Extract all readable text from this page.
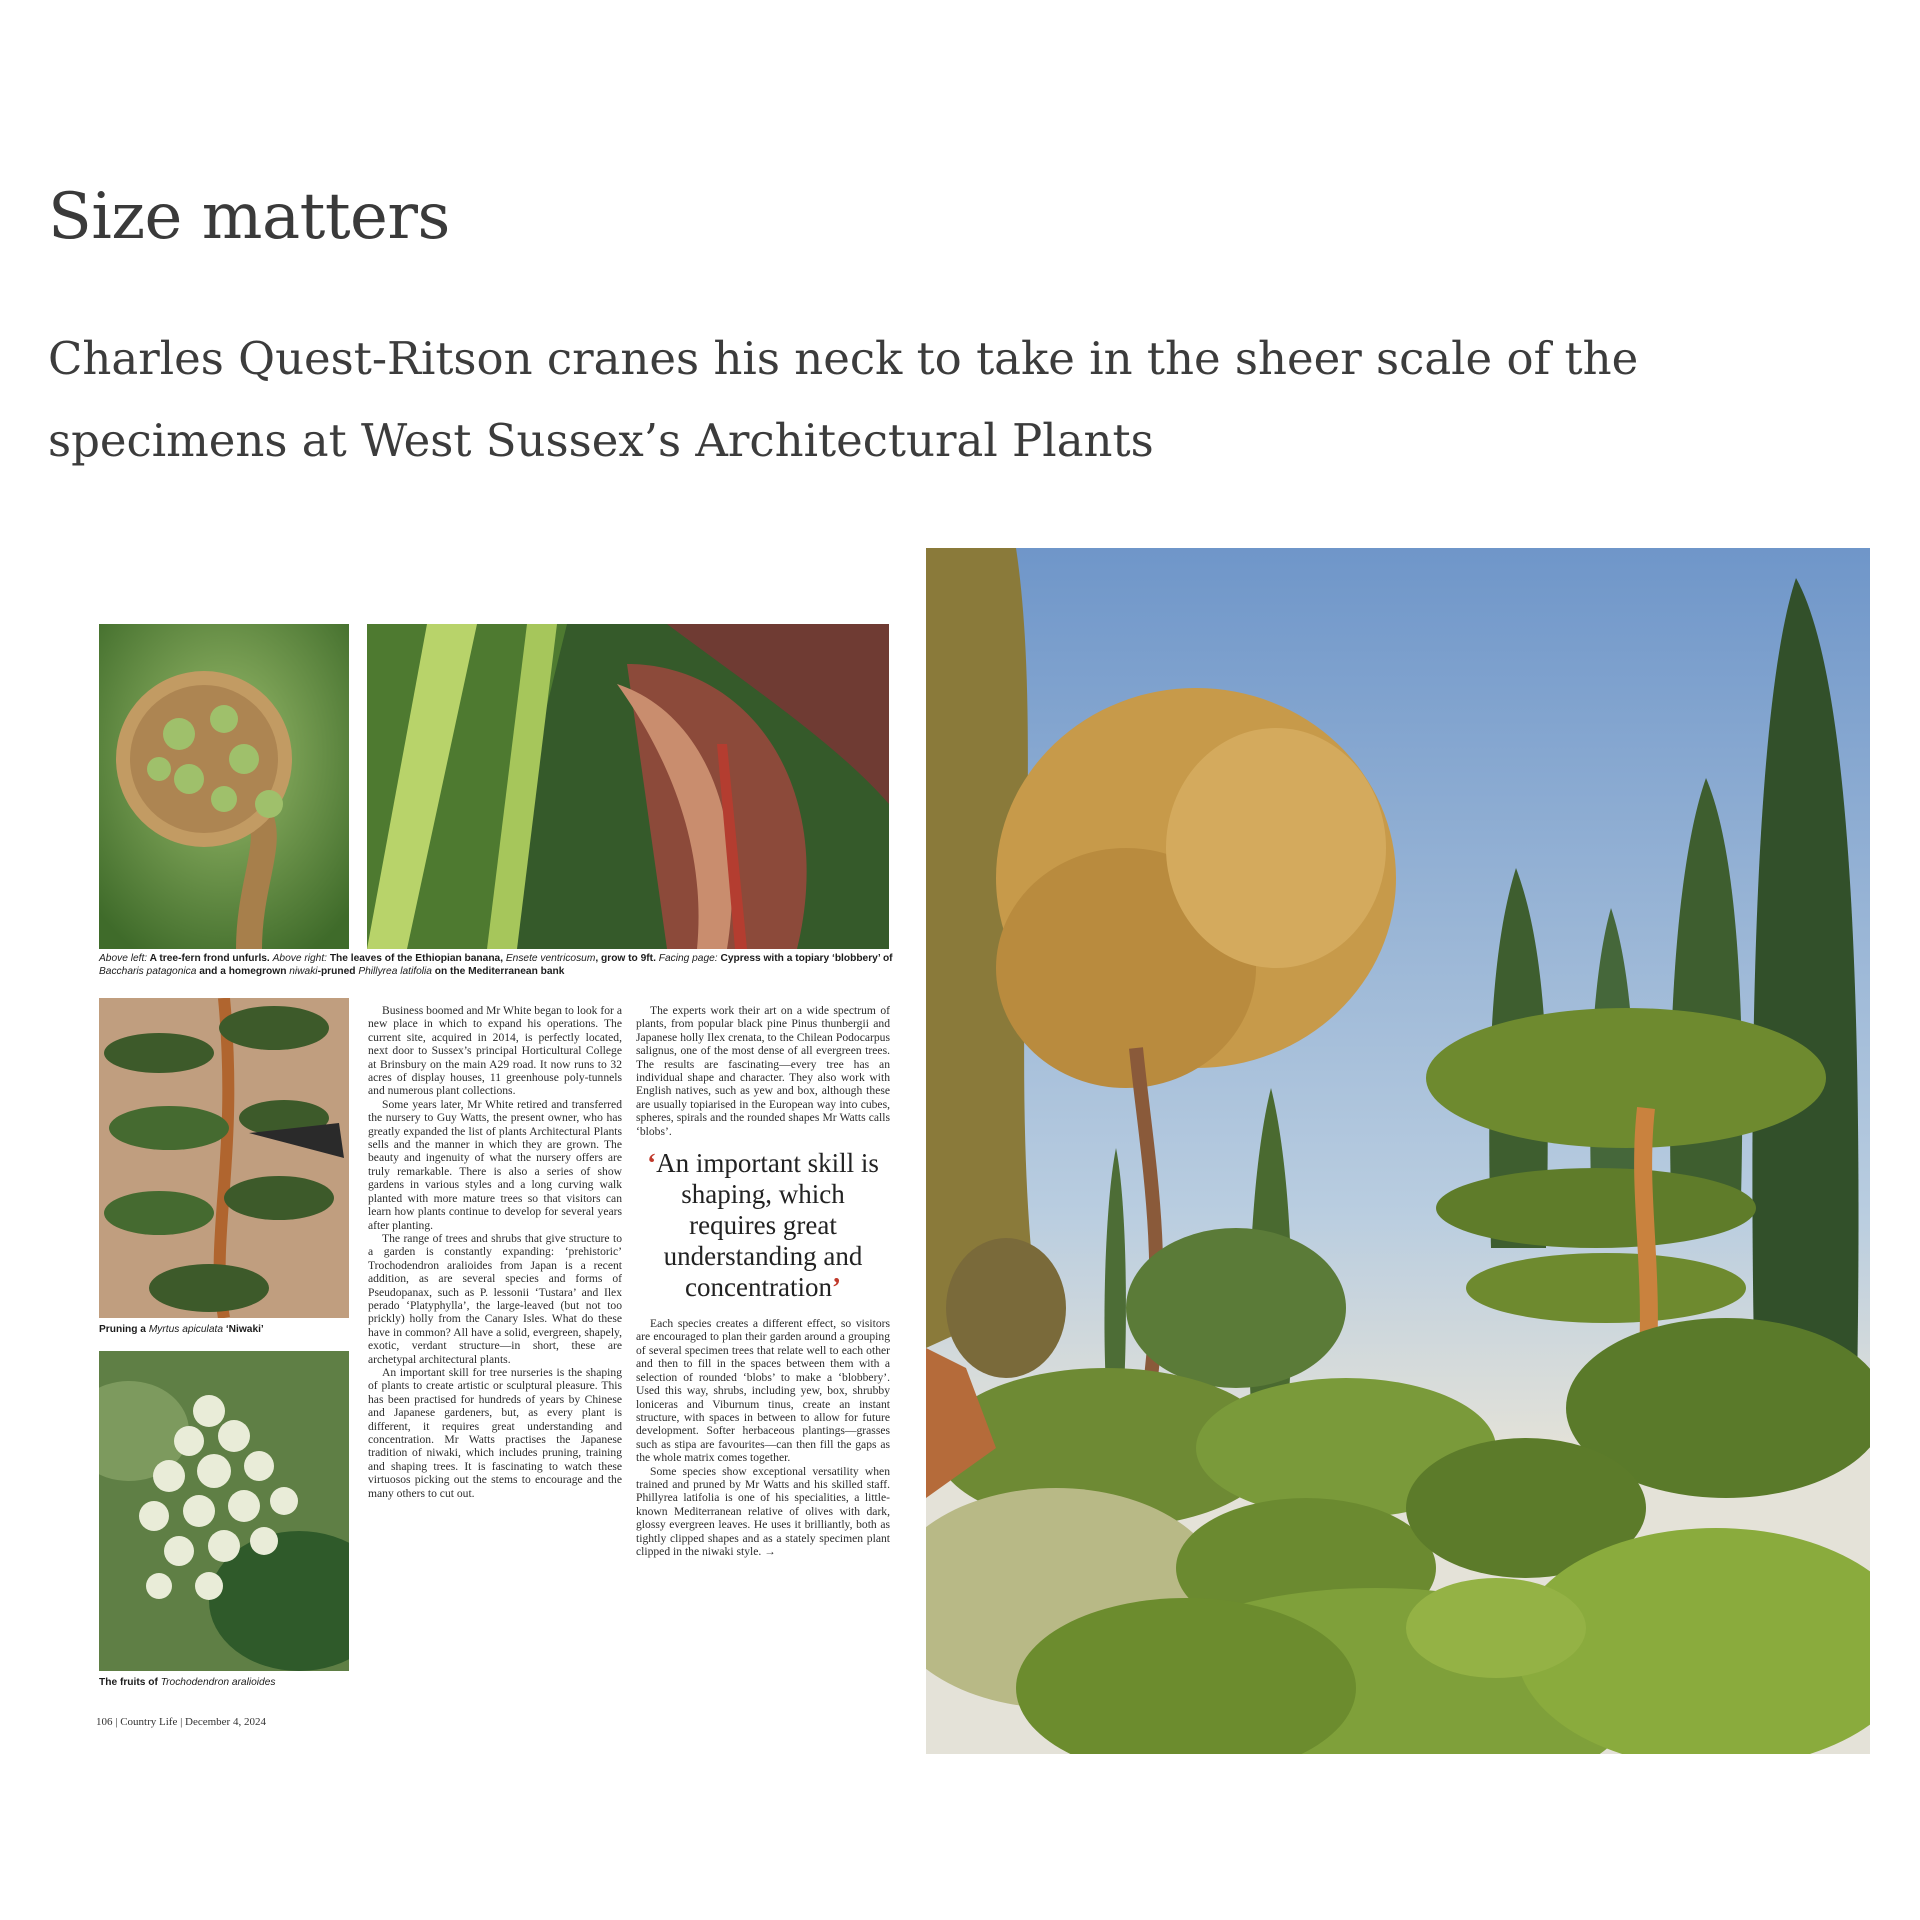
Size matters

Charles Quest-Ritson cranes his neck to take in the sheer scale of the specimens at West Sussex’s Architectural Plants

Above left: A tree-fern frond unfurls. Above right: The leaves of the Ethiopian banana, Ensete ventricosum, grow to 9ft. Facing page: Cypress with a topiary ‘blobbery’ of Baccharis patagonica and a homegrown niwaki-pruned Phillyrea latifolia on the Mediterranean bank
Pruning a Myrtus apiculata ‘Niwaki’
The fruits of Trochodendron aralioides

Business boomed and Mr White began to look for a new place in which to expand his operations. The current site, acquired in 2014, is perfectly located, next door to Sussex’s principal Horticultural College at Brinsbury on the main A29 road. It now runs to 32 acres of display houses, 11 greenhouse poly-tunnels and numerous plant collections.

Some years later, Mr White retired and transferred the nursery to Guy Watts, the present owner, who has greatly expanded the list of plants Architectural Plants sells and the manner in which they are grown. The beauty and ingenuity of what the nursery offers are truly remarkable. There is also a series of show gardens in various styles and a long curving walk planted with more mature trees so that visitors can learn how plants continue to develop for several years after planting.

The range of trees and shrubs that give structure to a garden is constantly expanding: ‘prehistoric’ Trochodendron aralioides from Japan is a recent addition, as are several species and forms of Pseudopanax, such as P. lessonii ‘Tustara’ and Ilex perado ‘Platyphylla’, the large-leaved (but not too prickly) holly from the Canary Isles. What do these have in common? All have a solid, evergreen, shapely, exotic, verdant structure—in short, these are archetypal architectural plants.

An important skill for tree nurseries is the shaping of plants to create artistic or sculptural pleasure. This has been practised for hundreds of years by Chinese and Japanese gardeners, but, as every plant is different, it requires great understanding and concentration. Mr Watts practises the Japanese tradition of niwaki, which includes pruning, training and shaping trees. It is fascinating to watch these virtuosos picking out the stems to encourage and the many others to cut out.

The experts work their art on a wide spectrum of plants, from popular black pine Pinus thunbergii and Japanese holly Ilex crenata, to the Chilean Podocarpus salignus, one of the most dense of all evergreen trees. The results are fascinating—every tree has an individual shape and character. They also work with English natives, such as yew and box, although these are usually topiarised in the European way into cubes, spheres, spirals and the rounded shapes Mr Watts calls ‘blobs’.

‘An important skill is shaping, which requires great understanding and concentration’

Each species creates a different effect, so visitors are encouraged to plan their garden around a grouping of several specimen trees that relate well to each other and then to fill in the spaces between them with a selection of rounded ‘blobs’ to make a ‘blobbery’. Used this way, shrubs, including yew, box, shrubby loniceras and Viburnum tinus, create an instant structure, with spaces in between to allow for future development. Softer herbaceous plantings—grasses such as stipa are favourites—can then fill the gaps as the whole matrix comes together.

Some species show exceptional versatility when trained and pruned by Mr Watts and his skilled staff. Phillyrea latifolia is one of his specialities, a little-known Mediterranean relative of olives with dark, glossy evergreen leaves. He uses it brilliantly, both as tightly clipped shapes and as a stately specimen plant clipped in the niwaki style. →

106 | Country Life | December 4, 2024
